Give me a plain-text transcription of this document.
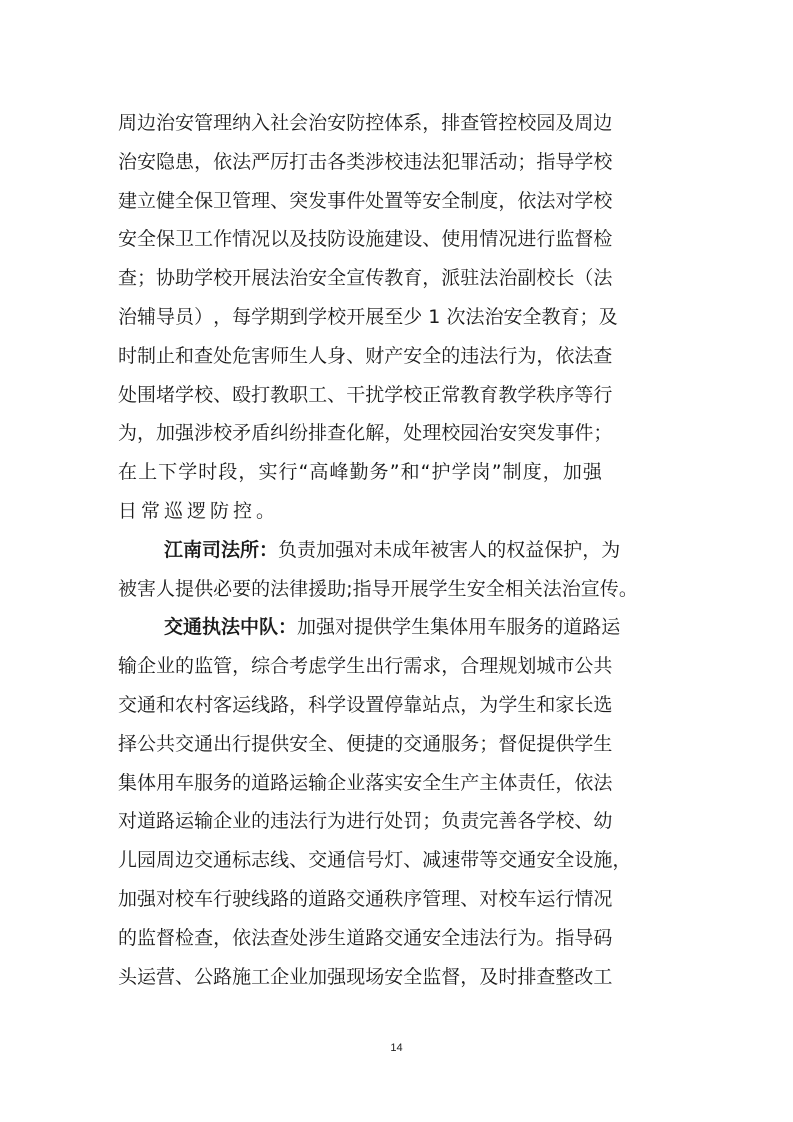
周 边 治 安 管 理 纳 入 社 会 治 安 防 控 体 系 ， 排 查 管 控 校 园 及 周 边
治 安 隐 患 ， 依 法 严 厉 打 击 各 类 涉 校 违 法 犯 罪 活 动 ； 指 导 学 校
建 立 健 全 保 卫 管 理 、 突 发 事 件 处 置 等 安 全 制 度 ， 依 法 对 学 校
安 全 保 卫 工 作 情 况 以 及 技 防 设 施 建 设 、 使 用 情 况 进 行 监 督 检
查 ； 协 助 学 校 开 展 法 治 安 全 宣 传 教 育 ， 派 驻 法 治 副 校 长 （ 法
治 辅 导 员 ） ， 每 学 期 到 学 校 开 展 至 少
1
次 法 治 安 全 教 育 ； 及
时 制 止 和 查 处 危 害 师 生 人 身 、 财 产 安 全 的 违 法 行 为 ， 依 法 查
处 围 堵 学 校 、 殴 打 教 职 工 、 干 扰 学 校 正 常 教 育 教 学 秩 序 等 行
为 ， 加 强 涉 校 矛 盾 纠 纷 排 查 化 解 ， 处 理 校 园 治 安 突 发 事 件 ；
在 上 下 学 时 段 ， 实 行 “ 高 峰 勤 务 ” 和 “ 护 学 岗 ” 制 度 ， 加 强
日常巡逻防控。
江南司法所： 负 责 加 强 对 未 成 年 被 害 人 的 权 益 保 护 ， 为
被 害 人 提 供 必 要 的 法 律 援 助 ; 指 导 开 展 学 生 安 全 相 关 法 治 宣 传 。
交通执法中队： 加 强 对 提 供 学 生 集 体 用 车 服 务 的 道 路 运
输 企 业 的 监 管 ， 综 合 考 虑 学 生 出 行 需 求 ， 合 理 规 划 城 市 公 共
交 通 和 农 村 客 运 线 路 ， 科 学 设 置 停 靠 站 点 ， 为 学 生 和 家 长 选
择 公 共 交 通 出 行 提 供 安 全 、 便 捷 的 交 通 服 务 ； 督 促 提 供 学 生
集 体 用 车 服 务 的 道 路 运 输 企 业 落 实 安 全 生 产 主 体 责 任 ， 依 法
对 道 路 运 输 企 业 的 违 法 行 为 进 行 处 罚 ； 负 责 完 善 各 学 校 、 幼
儿 园 周 边 交 通 标 志 线 、 交 通 信 号 灯 、 减 速 带 等 交 通 安 全 设 施 ，
加 强 对 校 车 行 驶 线 路 的 道 路 交 通 秩 序 管 理 、 对 校 车 运 行 情 况
的 监 督 检 查 ， 依 法 查 处 涉 生 道 路 交 通 安 全 违 法 行 为 。 指 导 码
头 运 营 、 公 路 施 工 企 业 加 强 现 场 安 全 监 督 ， 及 时 排 查 整 改 工
14
